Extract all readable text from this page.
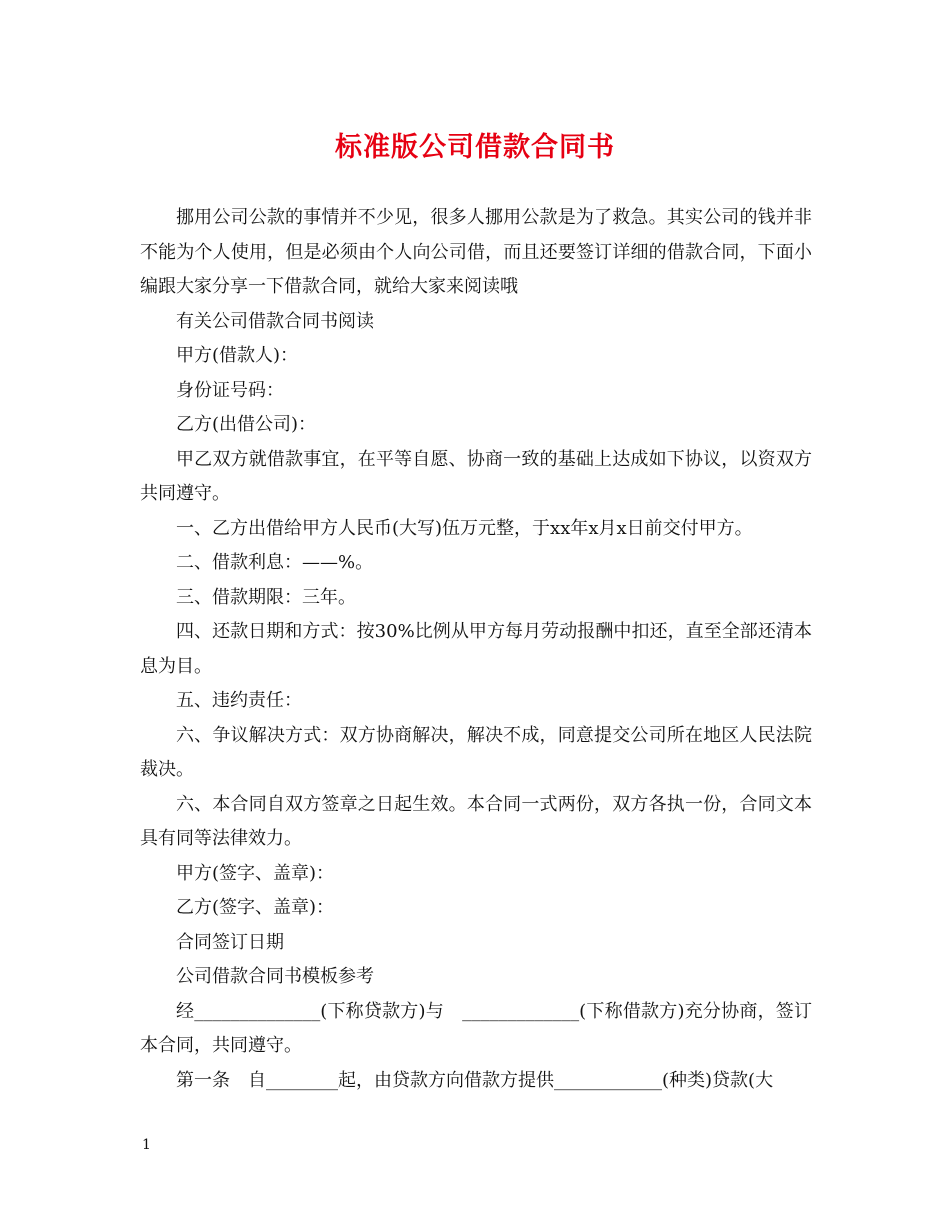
标准版公司借款合同书

挪用公司公款的事情并不少见，很多人挪用公款是为了救急。其实公司的钱并非不能为个人使用，但是必须由个人向公司借，而且还要签订详细的借款合同，下面小编跟大家分享一下借款合同，就给大家来阅读哦

有关公司借款合同书阅读

甲方(借款人)：

身份证号码：

乙方(出借公司)：

甲乙双方就借款事宜，在平等自愿、协商一致的基础上达成如下协议，以资双方共同遵守。

一、乙方出借给甲方人民币(大写)伍万元整，于xx年x月x日前交付甲方。

二、借款利息：——%。

三、借款期限：三年。

四、还款日期和方式：按30%比例从甲方每月劳动报酬中扣还，直至全部还清本息为目。

五、违约责任：

六、争议解决方式：双方协商解决，解决不成，同意提交公司所在地区人民法院裁决。

六、本合同自双方签章之日起生效。本合同一式两份，双方各执一份，合同文本具有同等法律效力。

甲方(签字、盖章)：

乙方(签字、盖章)：

合同签订日期

公司借款合同书模板参考

经______________(下称贷款方)与　_____________(下称借款方)充分协商，签订本合同，共同遵守。

第一条　自________起，由贷款方向借款方提供____________(种类)贷款(大

1
